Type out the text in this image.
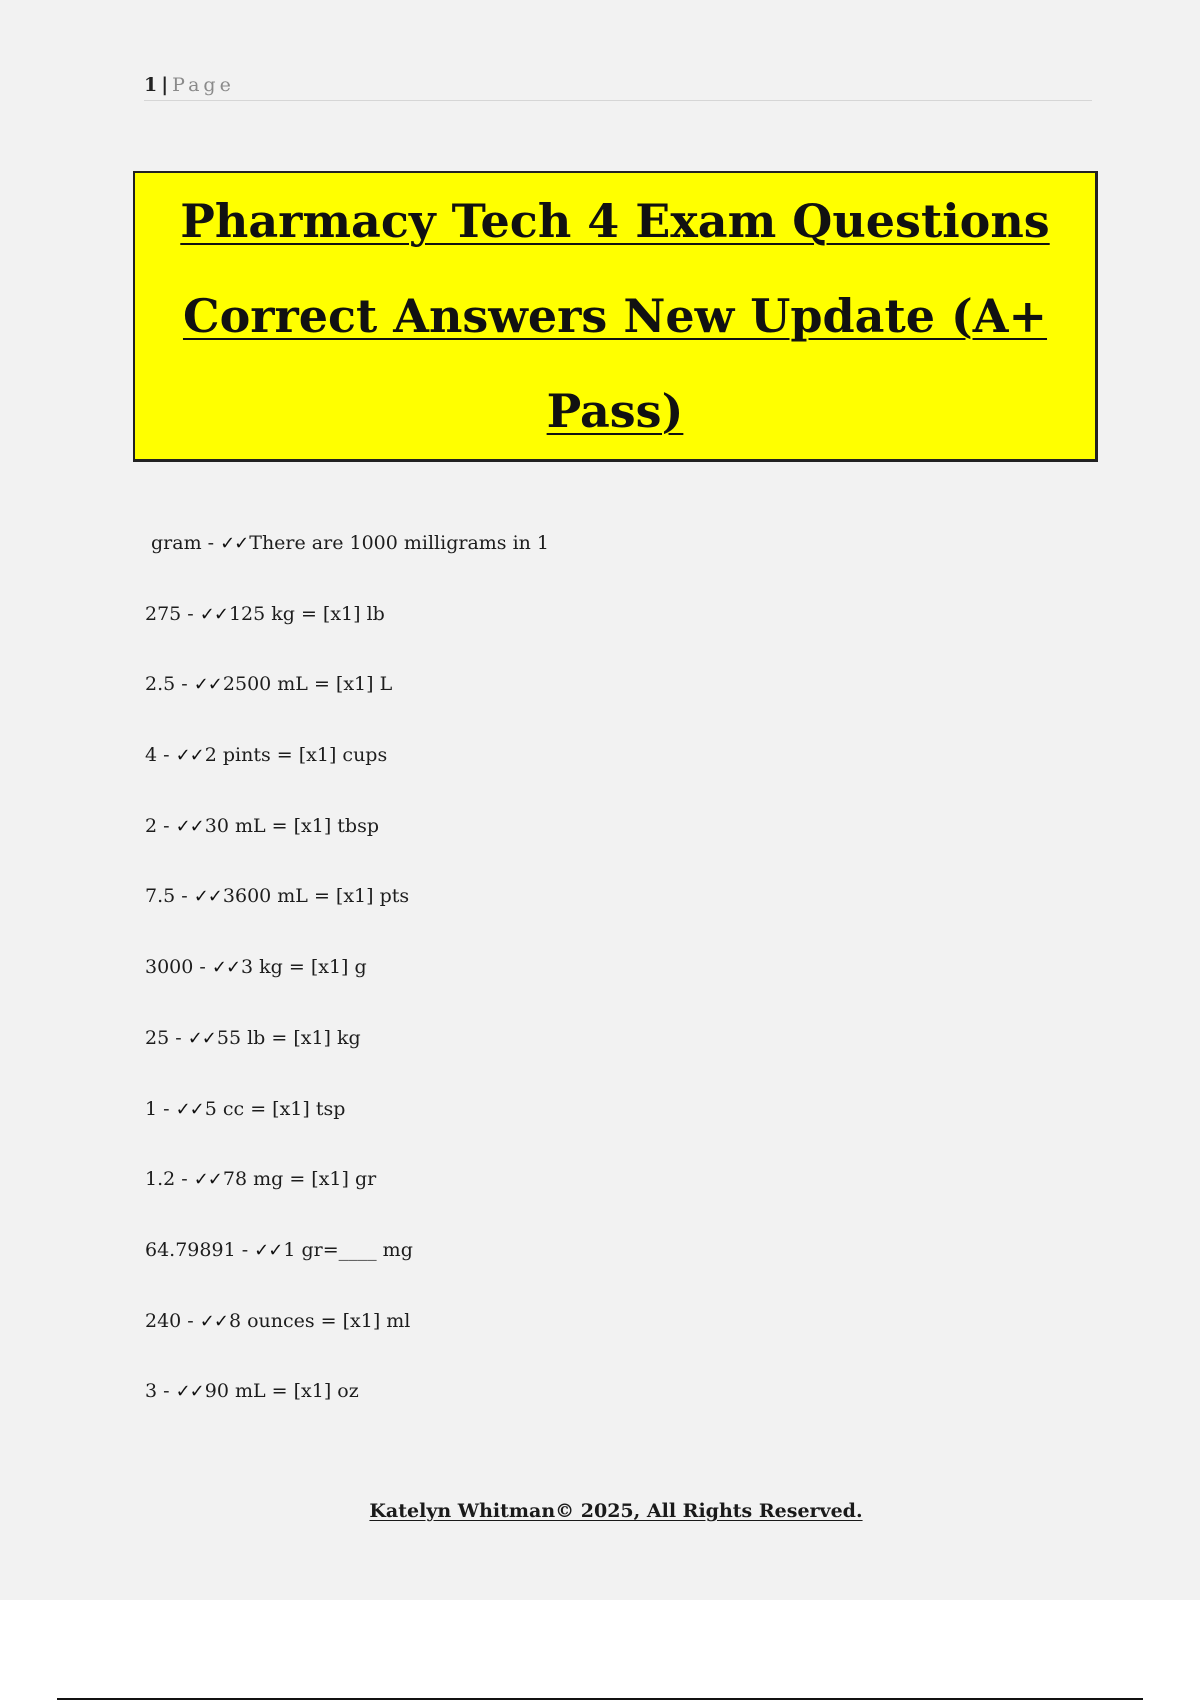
1 | Page
Pharmacy Tech 4 Exam Questions Correct Answers New Update (A+ Pass)
gram - ✓✓There are 1000 milligrams in 1
275 - ✓✓125 kg = [x1] lb
2.5 - ✓✓2500 mL = [x1] L
4 - ✓✓2 pints = [x1] cups
2 - ✓✓30 mL = [x1] tbsp
7.5 - ✓✓3600 mL = [x1] pts
3000 - ✓✓3 kg = [x1] g
25 - ✓✓55 lb = [x1] kg
1 - ✓✓5 cc = [x1] tsp
1.2 - ✓✓78 mg = [x1] gr
64.79891 - ✓✓1 gr=____ mg
240 - ✓✓8 ounces = [x1] ml
3 - ✓✓90 mL = [x1] oz
Katelyn Whitman© 2025, All Rights Reserved.
